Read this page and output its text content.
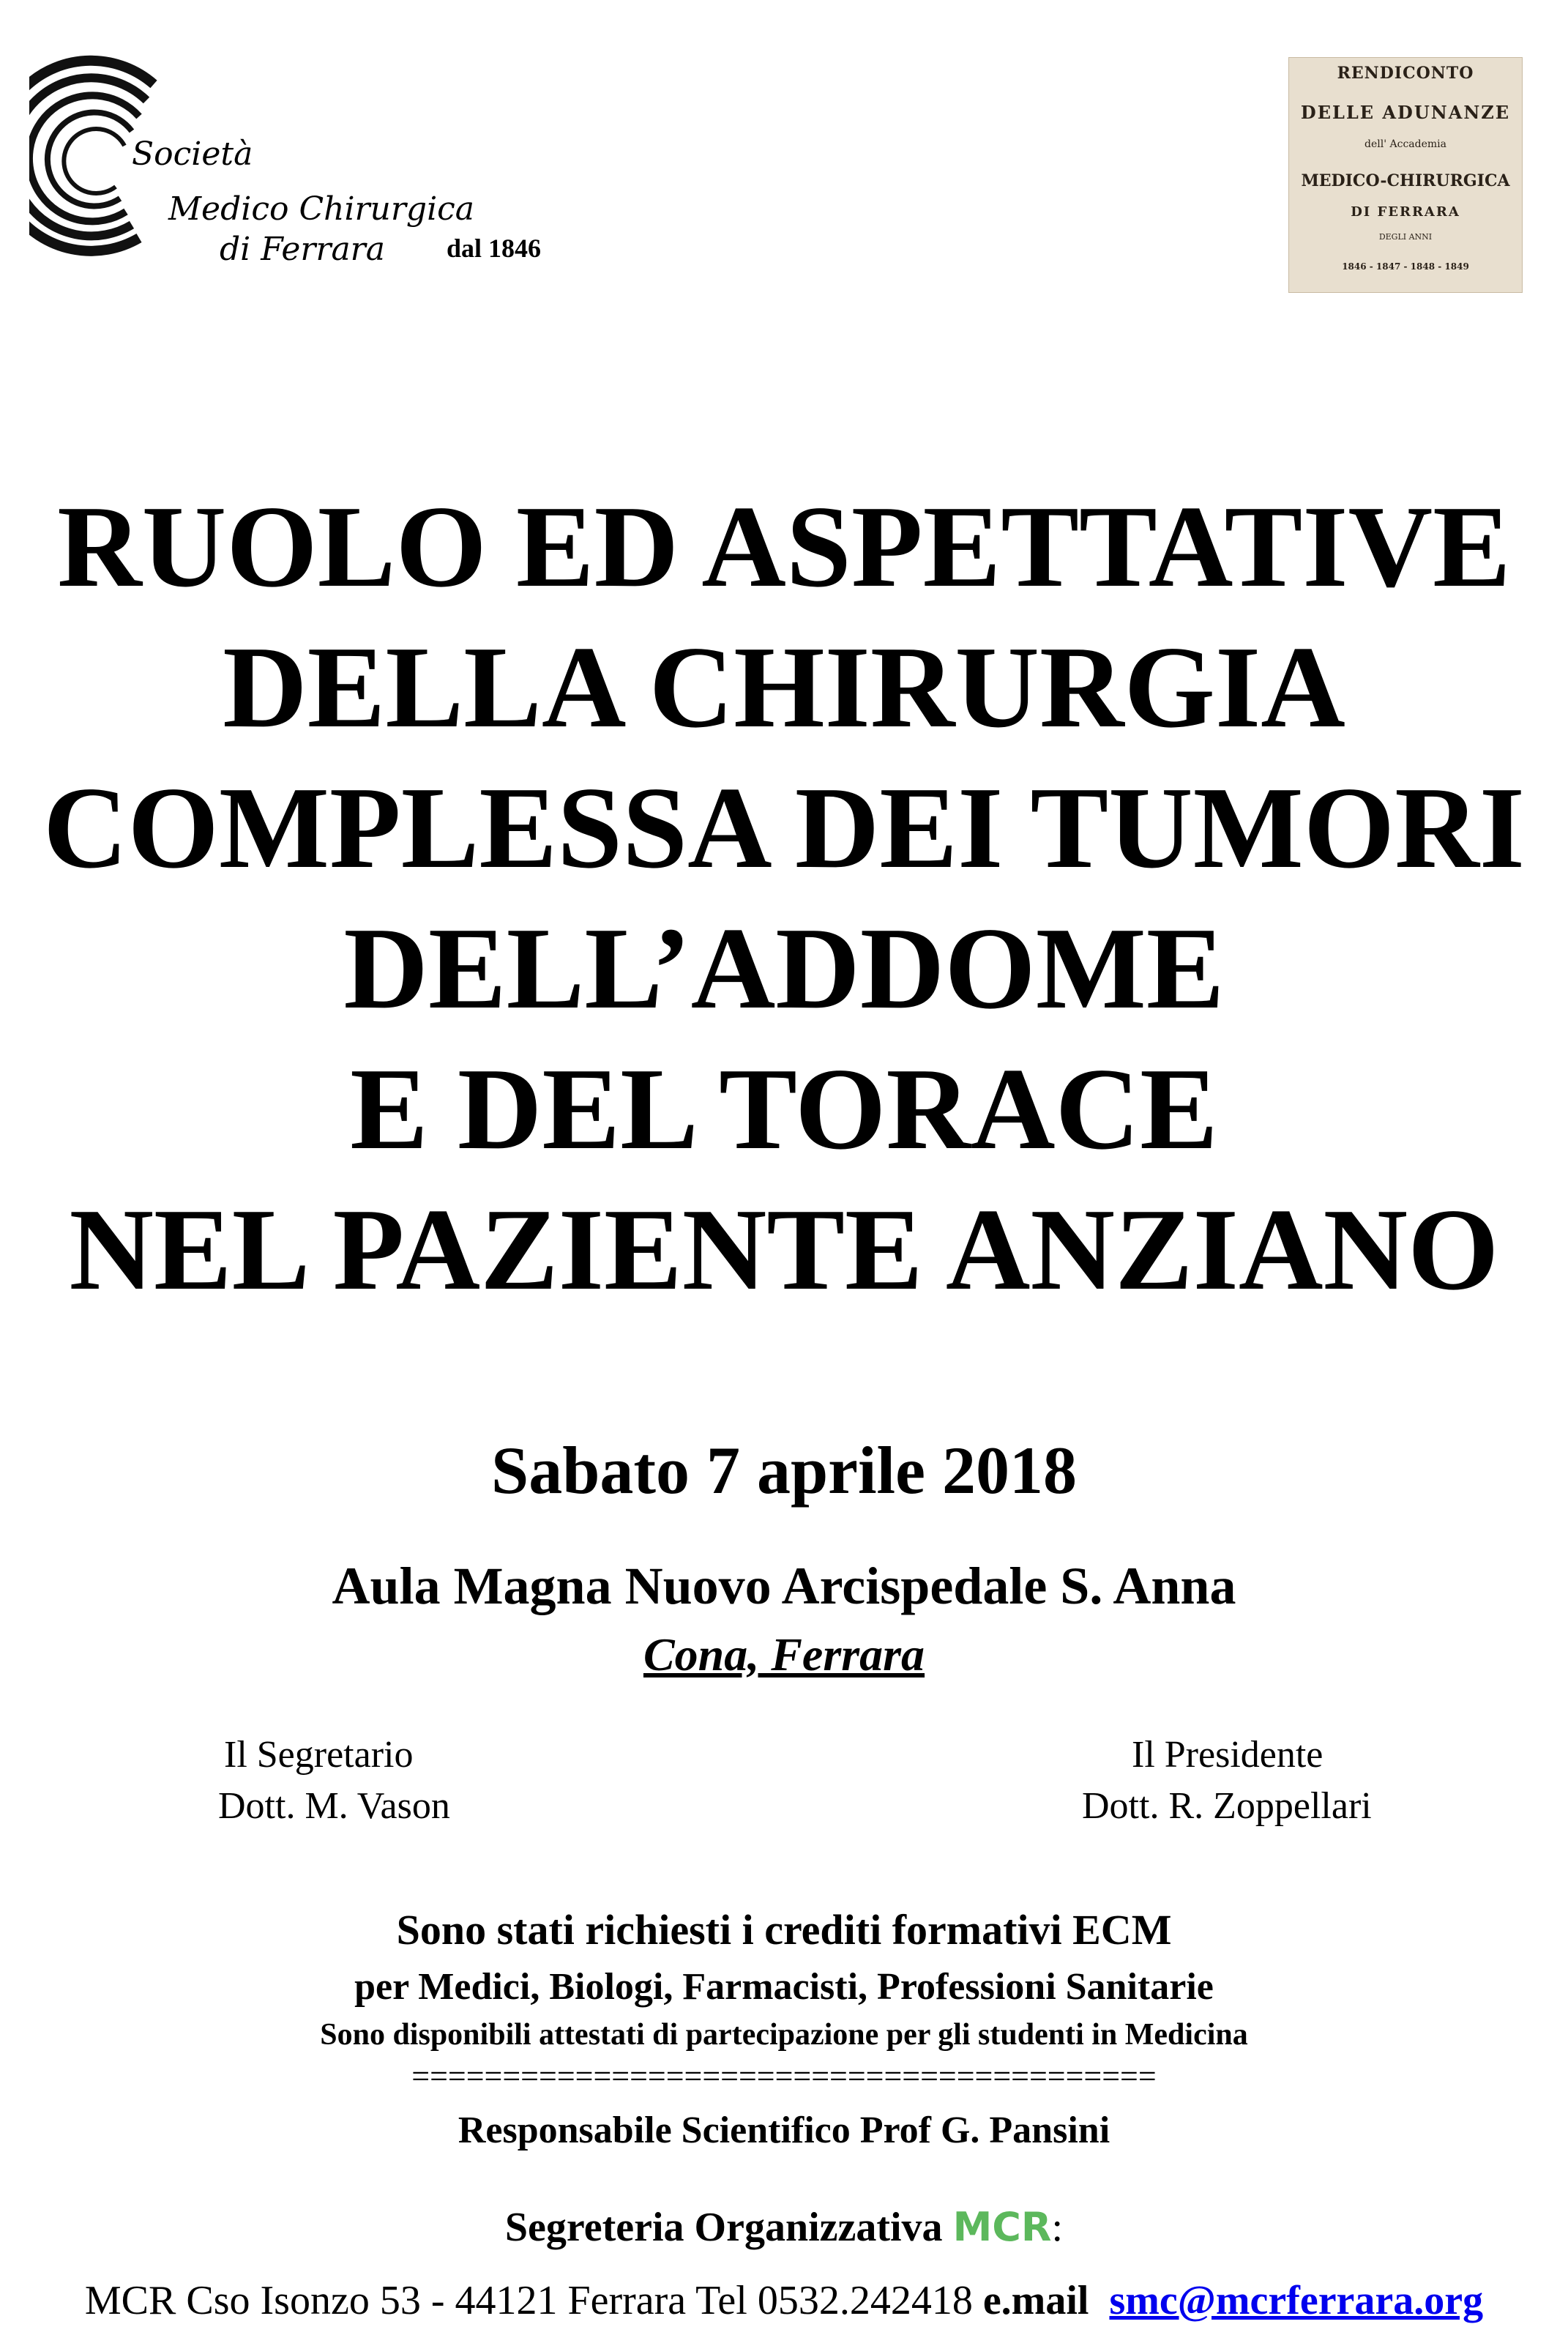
Società
Medico Chirurgica
di Ferrara dal 1846
RENDICONTO
DELLE ADUNANZE
dell' Accademia
MEDICO-CHIRURGICA
DI FERRARA
DEGLI ANNI
1846 - 1847 - 1848 - 1849
RUOLO ED ASPETTATIVE
DELLA CHIRURGIA
COMPLESSA DEI TUMORI
DELL’ADDOME
E DEL TORACE
NEL PAZIENTE ANZIANO
Sabato 7 aprile 2018
Aula Magna Nuovo Arcispedale S. Anna
Cona, Ferrara
Il Segretario
Dott. M. Vason
Il Presidente
Dott. R. Zoppellari
Sono stati richiesti i crediti formativi ECM
per Medici, Biologi, Farmacisti, Professioni Sanitarie
Sono disponibili attestati di partecipazione per gli studenti in Medicina
=========================================
Responsabile Scientifico Prof G. Pansini
Segreteria Organizzativa MCR:
MCR Cso Isonzo 53 - 44121 Ferrara Tel 0532.242418 e.mail smc@mcrferrara.org
